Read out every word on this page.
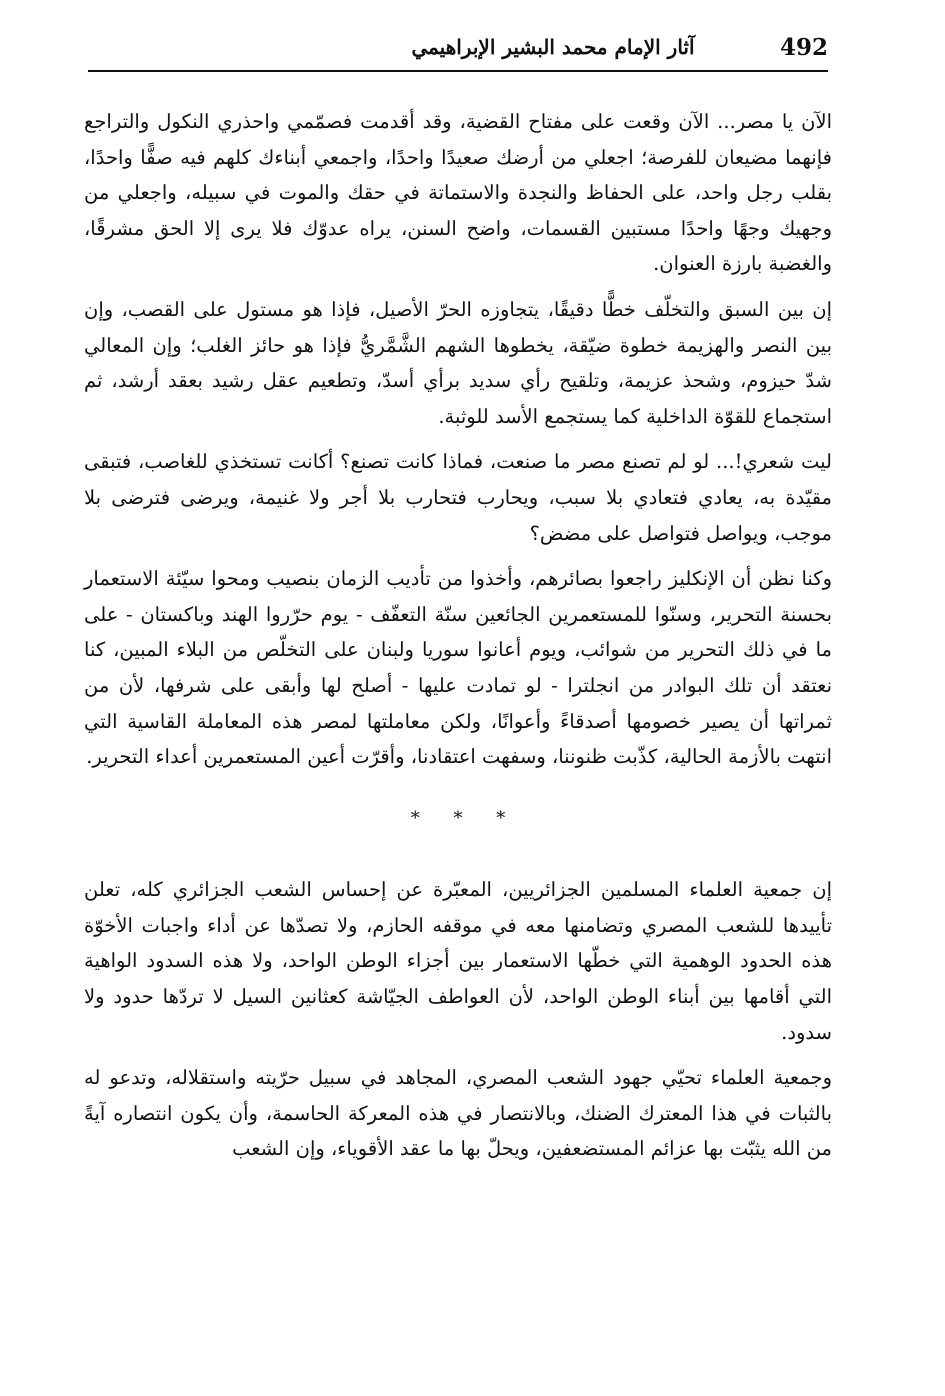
492
آثار الإمام محمد البشير الإبراهيمي

الآن يا مصر... الآن وقعت على مفتاح القضية، وقد أقدمت فصمّمي واحذري النكول والتراجع فإنهما مضيعان للفرصة؛ اجعلي من أرضك صعيدًا واحدًا، واجمعي أبناءك كلهم فيه صفًّا واحدًا، بقلب رجل واحد، على الحفاظ والنجدة والاستماتة في حقك والموت في سبيله، واجعلي من وجهيك وجهًا واحدًا مستبين القسمات، واضح السنن، يراه عدوّك فلا يرى إلا الحق مشرقًا، والغضبة بارزة العنوان.

إن بين السبق والتخلّف خطًّا دقيقًا، يتجاوزه الحرّ الأصيل، فإذا هو مستول على القصب، وإن بين النصر والهزيمة خطوة ضيّقة، يخطوها الشهم الشَّمَّريُّ فإذا هو حائز الغلب؛ وإن المعالي شدّ حيزوم، وشحذ عزيمة، وتلقيح رأي سديد برأي أسدّ، وتطعيم عقل رشيد بعقد أرشد، ثم استجماع للقوّة الداخلية كما يستجمع الأسد للوثبة.

ليت شعري!... لو لم تصنع مصر ما صنعت، فماذا كانت تصنع؟ أكانت تستخذي للغاصب، فتبقى مقيّدة به، يعادي فتعادي بلا سبب، ويحارب فتحارب بلا أجر ولا غنيمة، ويرضى فترضى بلا موجب، ويواصل فتواصل على مضض؟

وكنا نظن أن الإنكليز راجعوا بصائرهم، وأخذوا من تأديب الزمان بنصيب ومحوا سيّئة الاستعمار بحسنة التحرير، وسنّوا للمستعمرين الجائعين سنّة التعفّف - يوم حرّروا الهند وباكستان - على ما في ذلك التحرير من شوائب، ويوم أعانوا سوريا ولبنان على التخلّص من البلاء المبين، كنا نعتقد أن تلك البوادر من انجلترا - لو تمادت عليها - أصلح لها وأبقى على شرفها، لأن من ثمراتها أن يصير خصومها أصدقاءً وأعوانًا، ولكن معاملتها لمصر هذه المعاملة القاسية التي انتهت بالأزمة الحالية، كذّبت ظنوننا، وسفهت اعتقادنا، وأقرّت أعين المستعمرين أعداء التحرير.

* * *

إن جمعية العلماء المسلمين الجزائريين، المعبّرة عن إحساس الشعب الجزائري كله، تعلن تأييدها للشعب المصري وتضامنها معه في موقفه الحازم، ولا تصدّها عن أداء واجبات الأخوّة هذه الحدود الوهمية التي خطّها الاستعمار بين أجزاء الوطن الواحد، ولا هذه السدود الواهية التي أقامها بين أبناء الوطن الواحد، لأن العواطف الجيّاشة كعثانين السيل لا تردّها حدود ولا سدود.

وجمعية العلماء تحيّي جهود الشعب المصري، المجاهد في سبيل حرّيته واستقلاله، وتدعو له بالثبات في هذا المعترك الضنك، وبالانتصار في هذه المعركة الحاسمة، وأن يكون انتصاره آيةً من الله يثبّت بها عزائم المستضعفين، ويحلّ بها ما عقد الأقوياء، وإن الشعب
